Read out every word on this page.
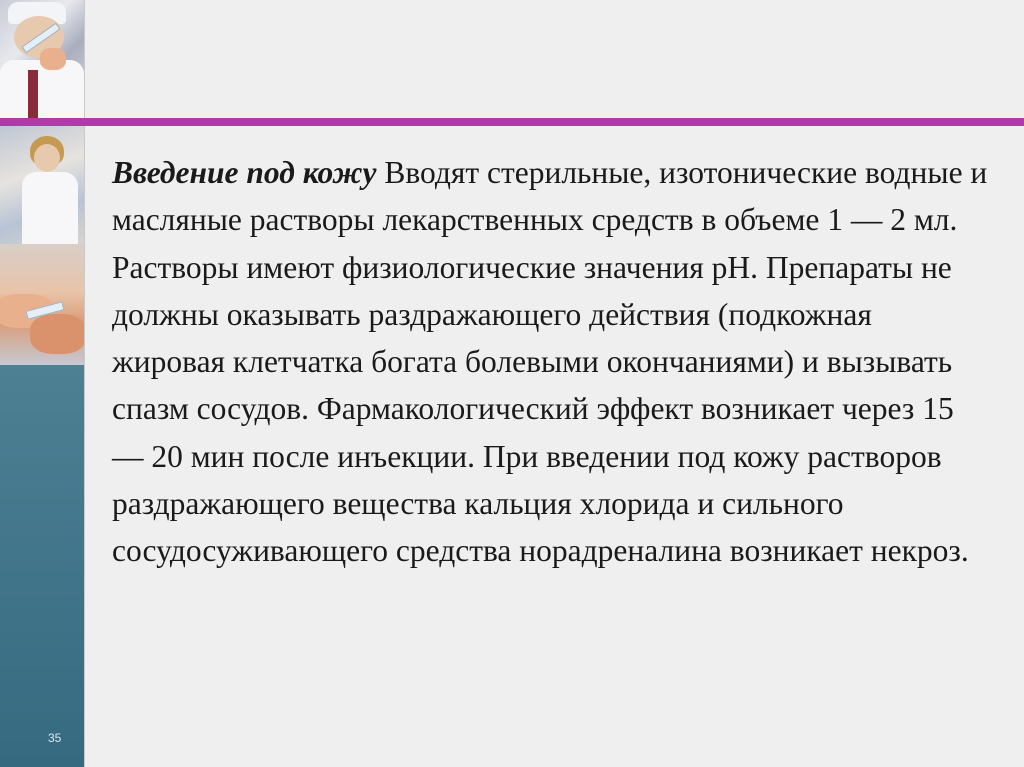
Введение под кожу Вводят стерильные, изотонические водные и масляные растворы лекарственных средств в объеме 1 — 2 мл. Растворы имеют физиологические значения рН. Препараты не должны оказывать раздражающего действия (подкожная жировая клетчатка богата болевыми окончаниями) и вызывать спазм сосудов. Фармакологический эффект возникает через 15 — 20 мин после инъекции. При введении под кожу растворов раздражающего вещества кальция хлорида и сильного сосудосуживающего средства норадреналина возникает некроз.

35
